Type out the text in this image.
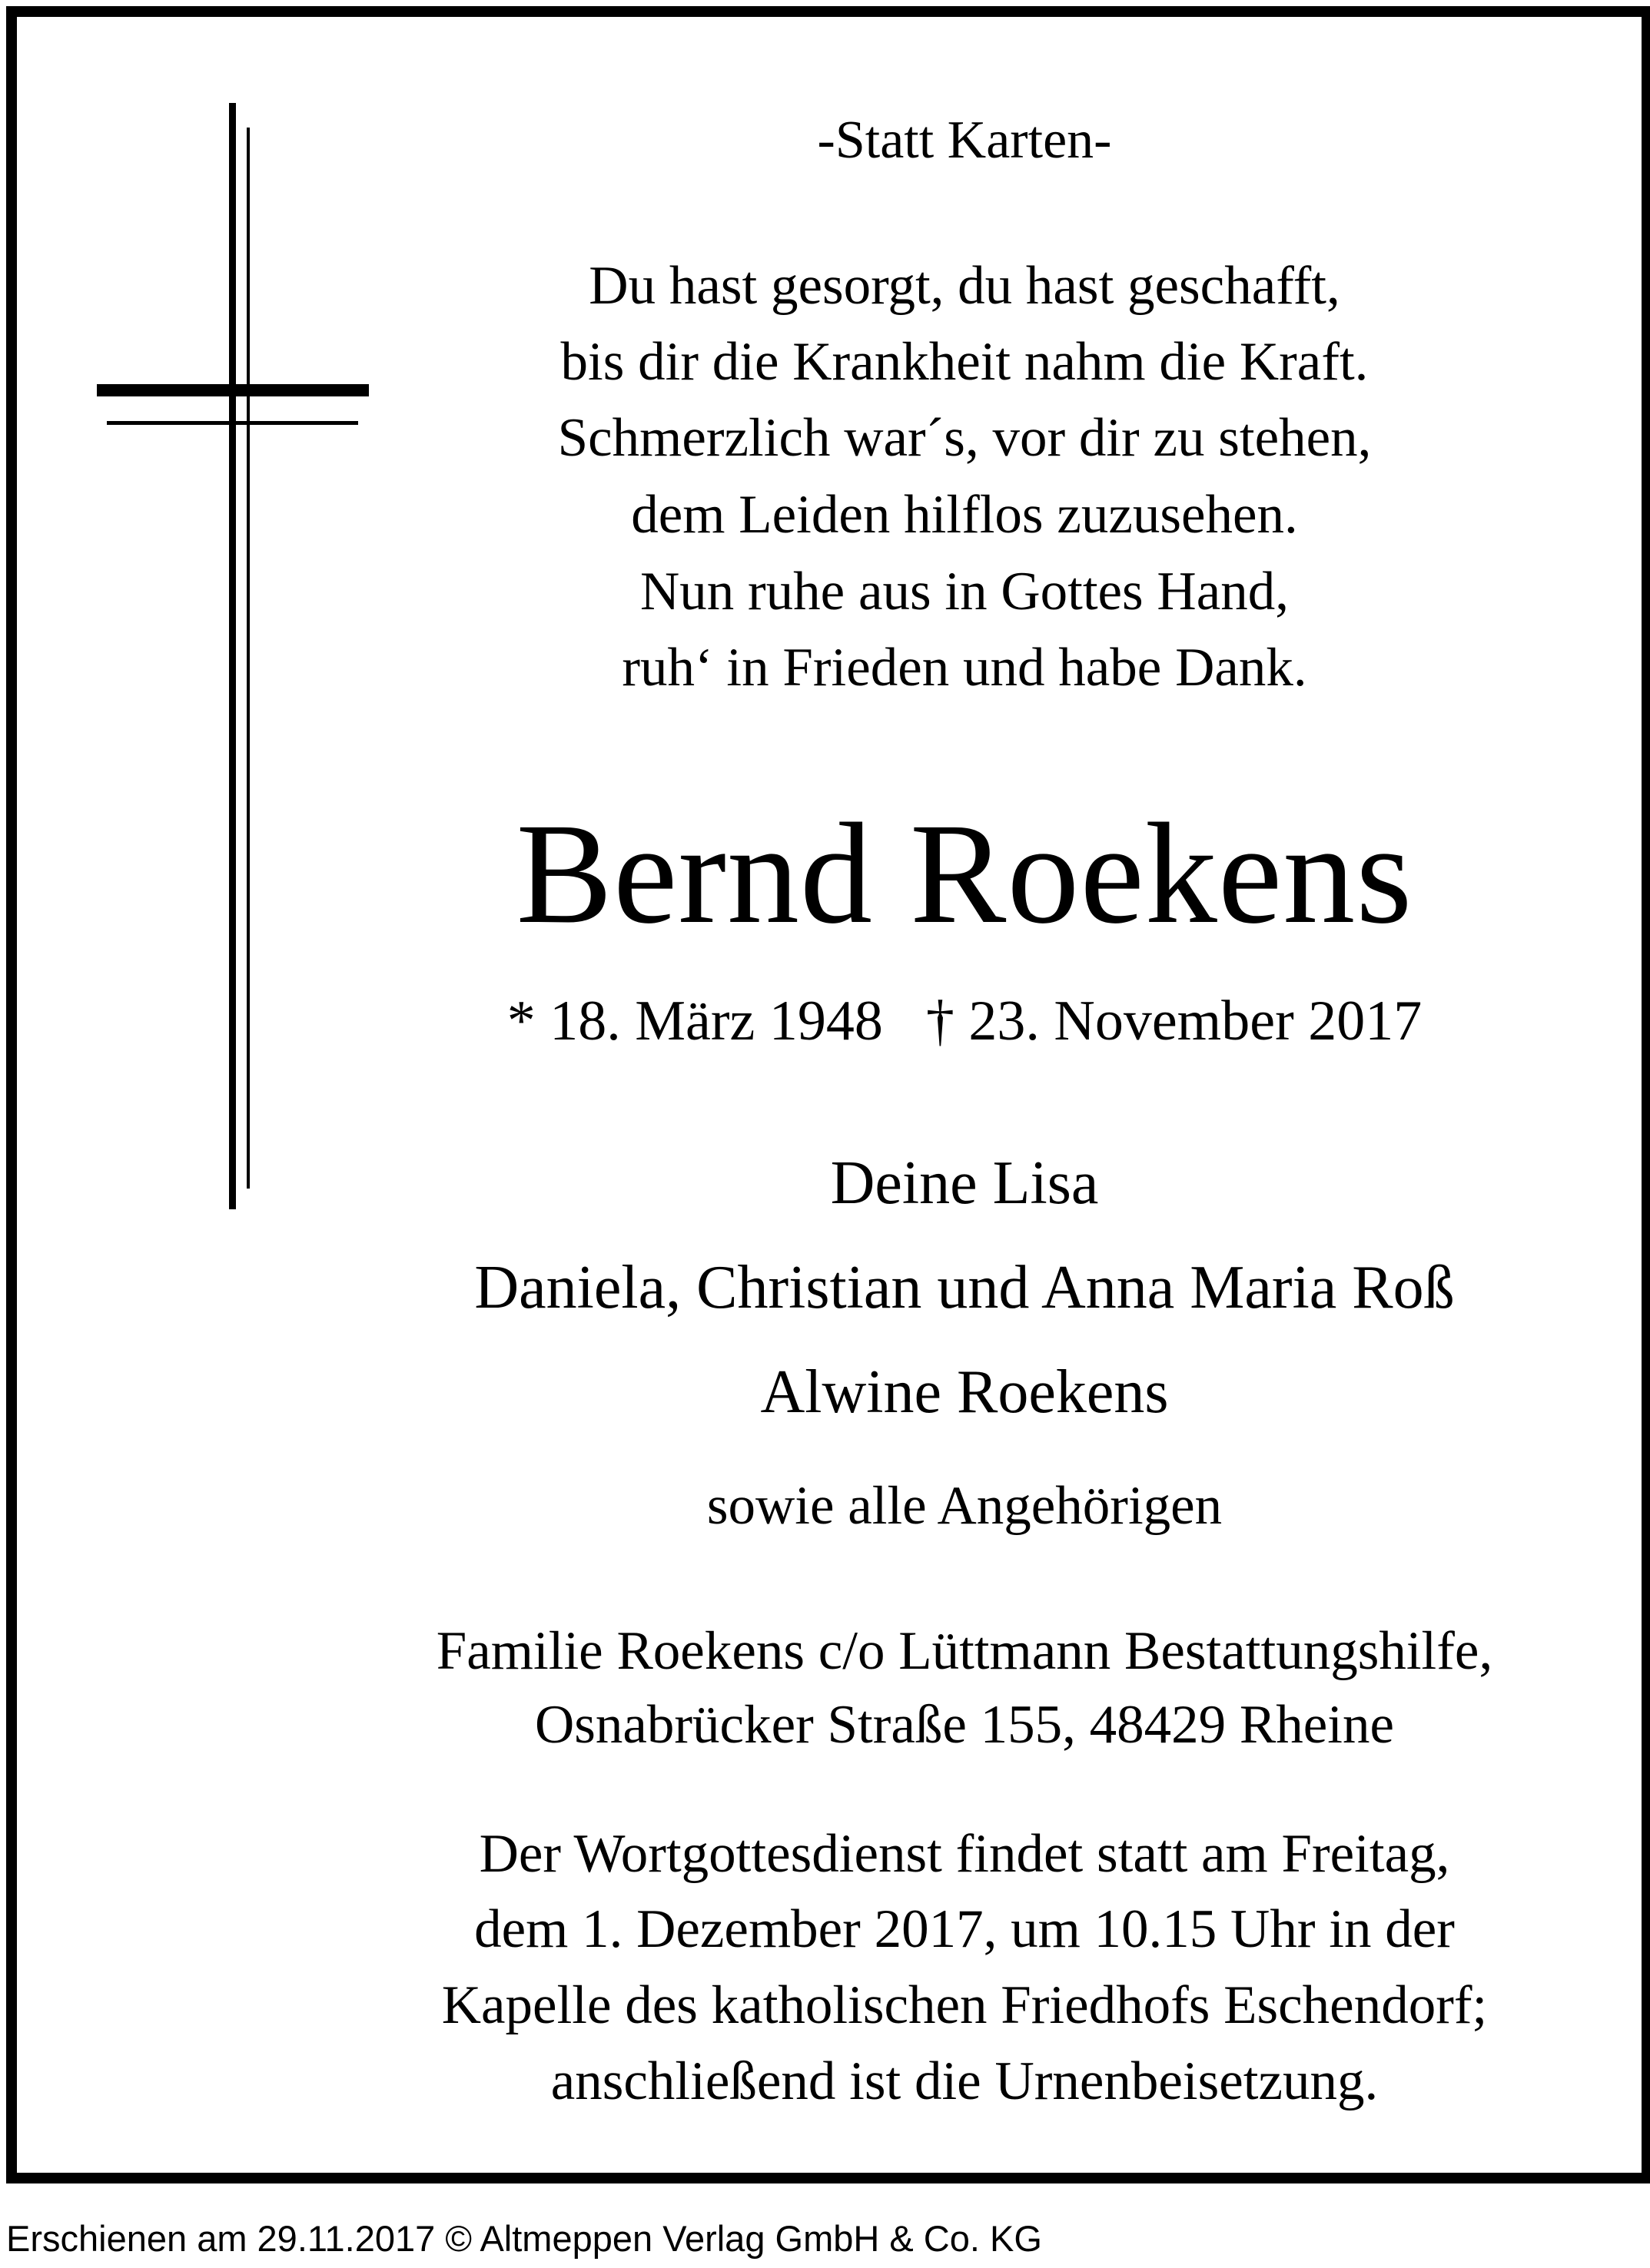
-Statt Karten-
Du hast gesorgt, du hast geschafft,
bis dir die Krankheit nahm die Kraft.
Schmerzlich war´s, vor dir zu stehen,
dem Leiden hilflos zuzusehen.
Nun ruhe aus in Gottes Hand,
ruh‘ in Frieden und habe Dank.
Bernd Roekens
* 18. März 1948 † 23. November 2017
Deine Lisa
Daniela, Christian und Anna Maria Roß
Alwine Roekens
sowie alle Angehörigen
Familie Roekens c/o Lüttmann Bestattungshilfe,
Osnabrücker Straße 155, 48429 Rheine
Der Wortgottesdienst findet statt am Freitag,
dem 1. Dezember 2017, um 10.15 Uhr in der
Kapelle des katholischen Friedhofs Eschendorf;
anschließend ist die Urnenbeisetzung.
Erschienen am 29.11.2017 © Altmeppen Verlag GmbH & Co. KG
